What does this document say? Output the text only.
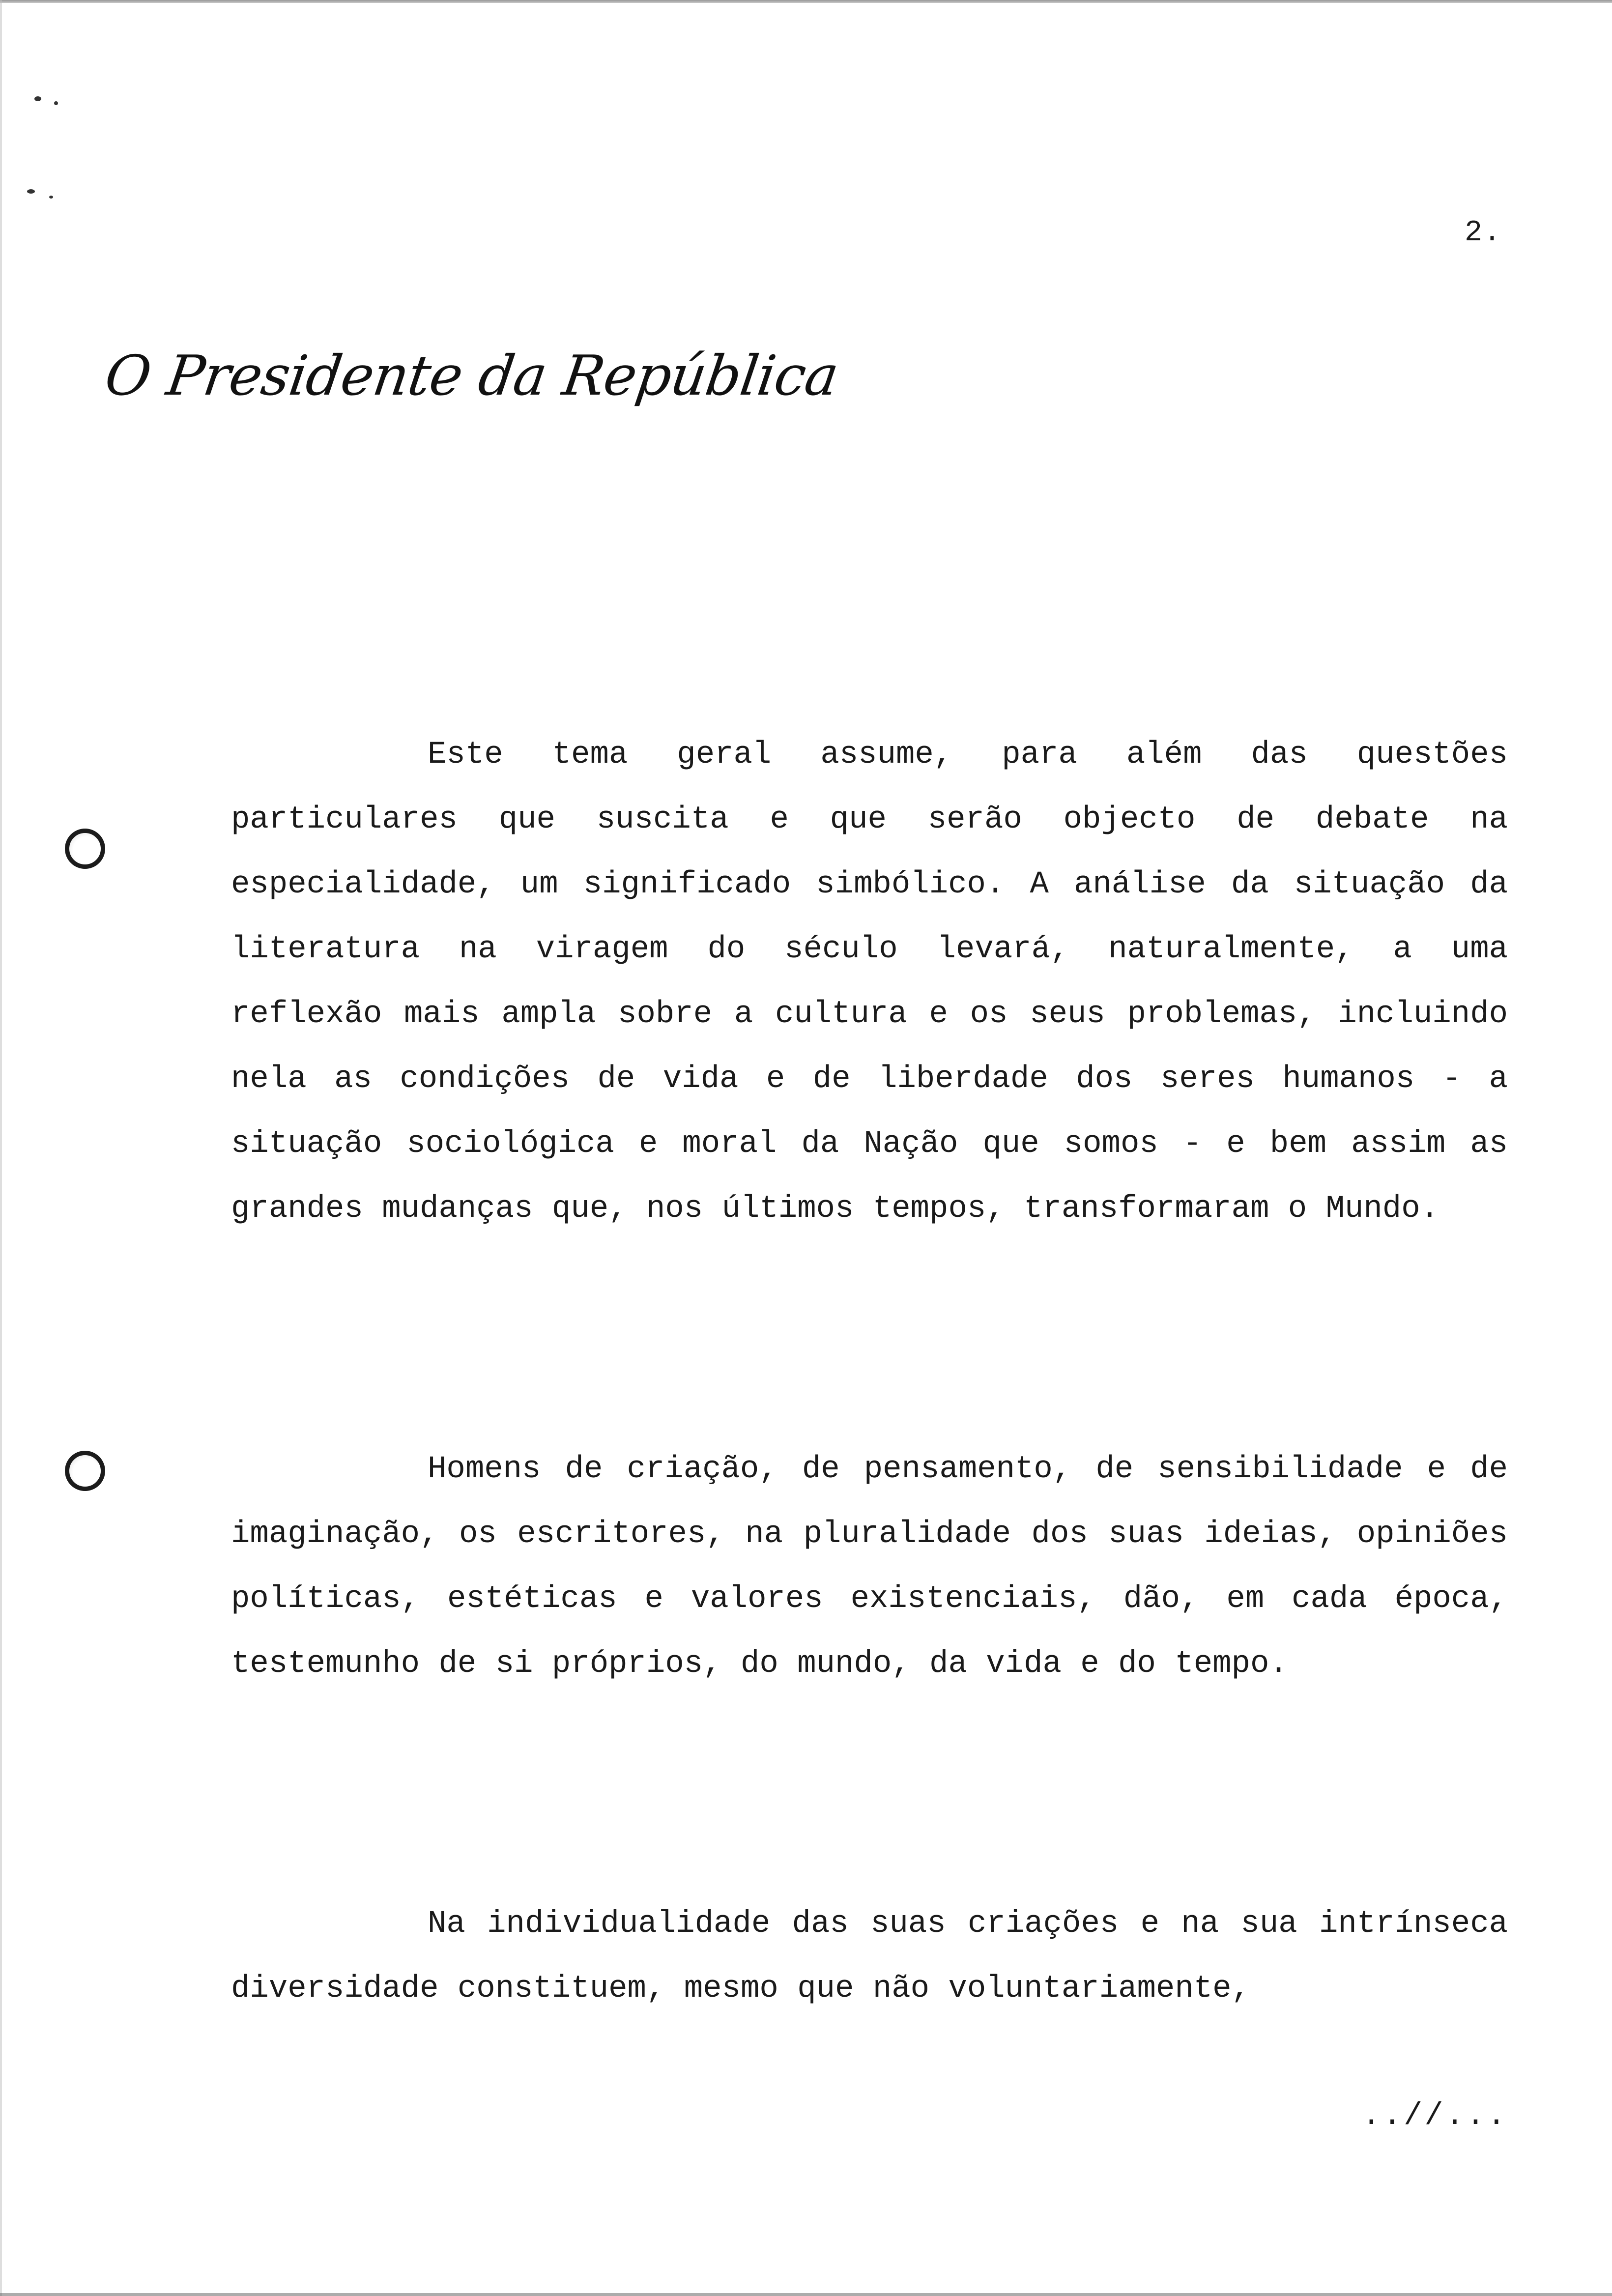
2.
O Presidente da República

Este tema geral assume, para além das questões particulares que suscita e que serão objecto de debate na especialidade, um significado simbólico. A análise da situação da literatura na viragem do século levará, naturalmente, a uma reflexão mais ampla sobre a cultura e os seus problemas, incluindo nela as condições de vida e de liberdade dos seres humanos - a situação sociológica e moral da Nação que somos - e bem assim as grandes mudanças que, nos últimos tempos, transformaram o Mundo.

Homens de criação, de pensamento, de sensibilidade e de imaginação, os escritores, na pluralidade dos suas ideias, opiniões políticas, estéticas e valores existenciais, dão, em cada época, testemunho de si próprios, do mundo, da vida e do tempo.

Na individualidade das suas criações e na sua intrínseca diversidade constituem, mesmo que não voluntariamente,

..//...
